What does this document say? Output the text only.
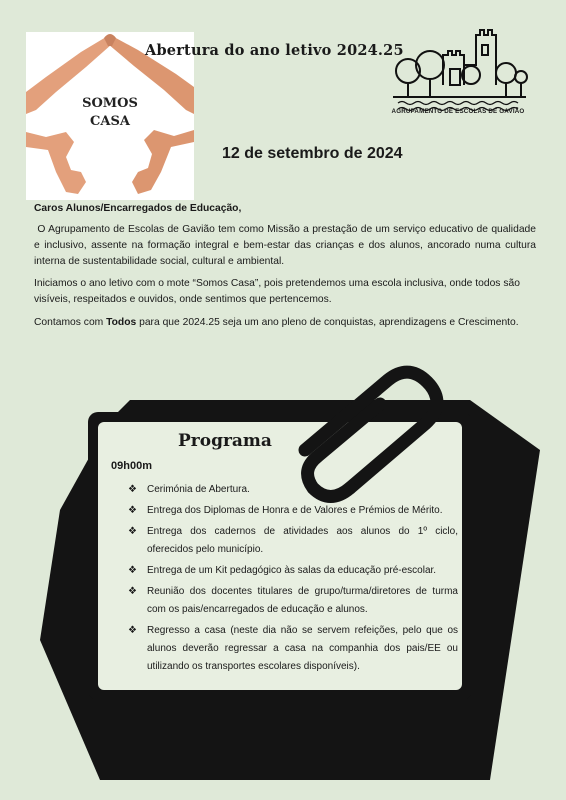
SOMOS
CASA
Abertura do ano letivo 2024.25
AGRUPAMENTO DE ESCOLAS DE GAVIÃO
12 de setembro de 2024
Caros Alunos/Encarregados de Educação,
O Agrupamento de Escolas de Gavião tem como Missão a prestação de um serviço educativo de qualidade e inclusivo, assente na formação integral e bem-estar das crianças e dos alunos, ancorado numa cultura interna de sustentabilidade social, cultural e ambiental.
Iniciamos o ano letivo com o mote “Somos Casa”, pois pretendemos uma escola inclusiva, onde todos são visíveis, respeitados e ouvidos, onde sentimos que pertencemos.
Contamos com Todos para que 2024.25 seja um ano pleno de conquistas, aprendizagens e Crescimento.
Programa
09h00m
❖ Cerimónia de Abertura.
❖ Entrega dos Diplomas de Honra e de Valores e Prémios de Mérito.
❖ Entrega dos cadernos de atividades aos alunos do 1º ciclo, oferecidos pelo município.
❖ Entrega de um Kit pedagógico às salas da educação pré-escolar.
❖ Reunião dos docentes titulares de grupo/turma/diretores de turma com os pais/encarregados de educação e alunos.
❖ Regresso a casa (neste dia não se servem refeições, pelo que os alunos deverão regressar a casa na companhia dos pais/EE ou utilizando os transportes escolares disponíveis).
